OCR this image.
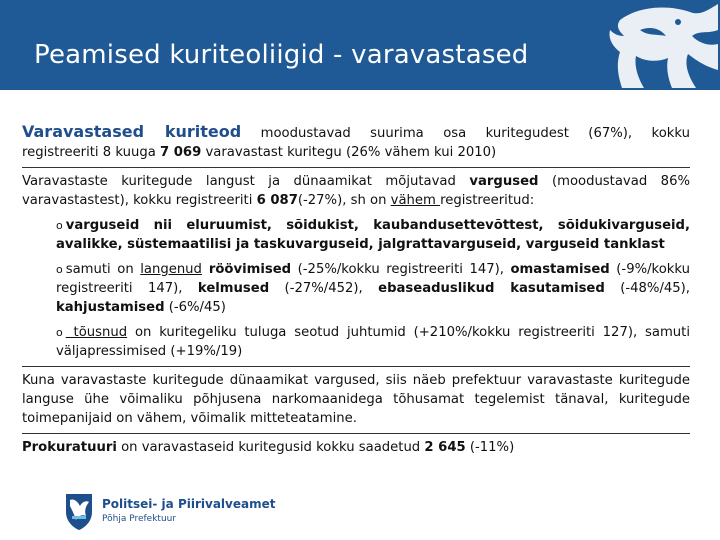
Peamised kuriteoliigid - varavastased
Varavastased kuriteod moodustavad suurima osa kuritegudest (67%), kokku
registreeriti 8 kuuga 7 069 varavastast kuritegu (26% vähem kui 2010)
Varavastaste kuritegude langust ja dünaamikat mõjutavad vargused (moodustavad 86% varavastastest), kokku registreeriti 6 087(-27%), sh on vähem registreeritud:
o varguseid nii eluruumist, sõidukist, kaubandusettevõttest, sõidukivarguseid, avalikke, süstemaatilisi ja taskuvarguseid, jalgrattavarguseid, varguseid tanklast
o samuti on langenud röövimised (-25%/kokku registreeriti 147), omastamised (-9%/kokku registreeriti 147), kelmused (-27%/452), ebaseaduslikud kasutamised (-48%/45), kahjustamised (-6%/45)
o tõusnud on kuritegeliku tuluga seotud juhtumid (+210%/kokku registreeriti 127), samuti väljapressimised (+19%/19)
Kuna varavastaste kuritegude dünaamikat vargused, siis näeb prefektuur varavastaste kuritegude languse ühe võimaliku põhjusena narkomaanidega tõhusamat tegelemist tänaval, kuritegude toimepanijaid on vähem, võimalik mitteteatamine.
Prokuratuuri on varavastaseid kuritegusid kokku saadetud 2 645 (-11%)
Politsei- ja Piirivalveamet
Põhja Prefektuur
